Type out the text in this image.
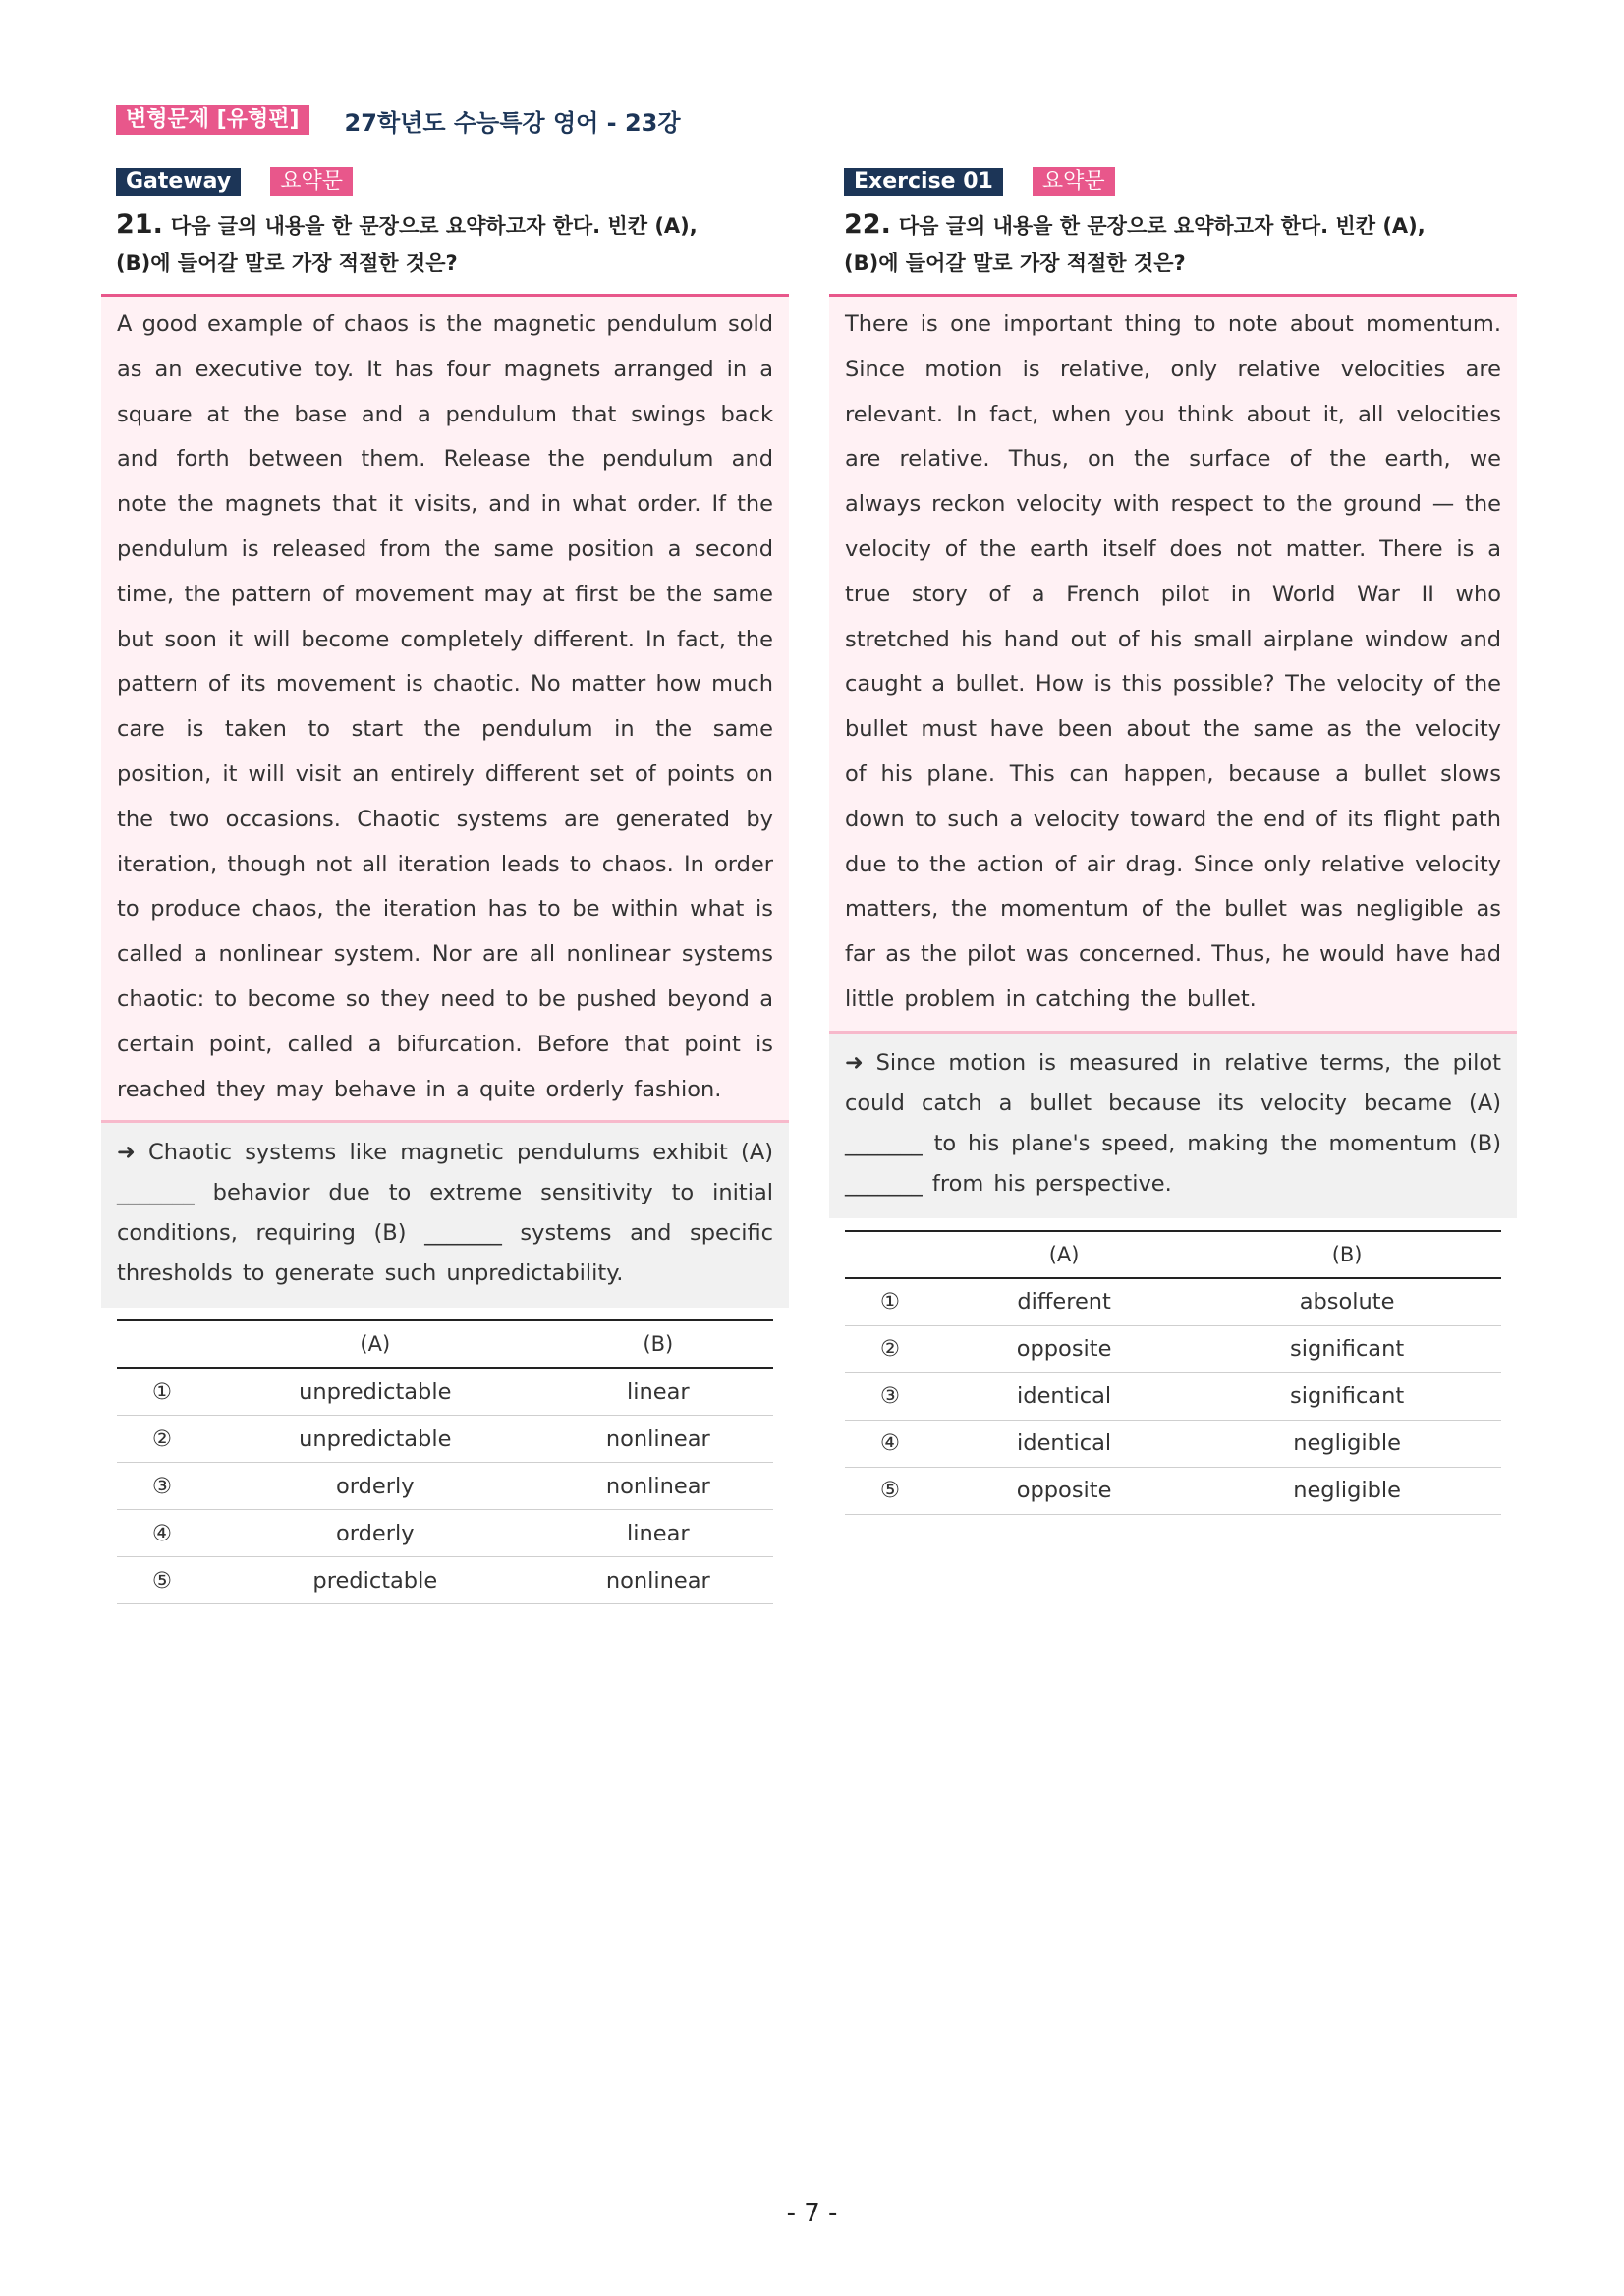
변형문제 [유형편]	27학년도 수능특강 영어 - 23강
Gateway	요약문
21. 다음 글의 내용을 한 문장으로 요약하고자 한다. 빈칸 (A),
(B)에 들어갈 말로 가장 적절한 것은?
A good example of chaos is the magnetic pendulum sold as an executive toy. It has four magnets arranged in a square at the base and a pendulum that swings back and forth between them. Release the pendulum and note the magnets that it visits, and in what order. If the pendulum is released from the same position a second time, the pattern of movement may at first be the same but soon it will become completely different. In fact, the pattern of its movement is chaotic. No matter how much care is taken to start the pendulum in the same position, it will visit an entirely different set of points on the two occasions. Chaotic systems are generated by iteration, though not all iteration leads to chaos. In order to produce chaos, the iteration has to be within what is called a nonlinear system. Nor are all nonlinear systems chaotic: to become so they need to be pushed beyond a certain point, called a bifurcation. Before that point is reached they may behave in a quite orderly fashion.
➜ Chaotic systems like magnetic pendulums exhibit (A) _______ behavior due to extreme sensitivity to initial conditions, requiring (B) _______ systems and specific thresholds to generate such unpredictability.
	(A)	(B)
①	unpredictable	linear
②	unpredictable	nonlinear
③	orderly	nonlinear
④	orderly	linear
⑤	predictable	nonlinear
Exercise 01	요약문
22. 다음 글의 내용을 한 문장으로 요약하고자 한다. 빈칸 (A),
(B)에 들어갈 말로 가장 적절한 것은?
There is one important thing to note about momentum. Since motion is relative, only relative velocities are relevant. In fact, when you think about it, all velocities are relative. Thus, on the surface of the earth, we always reckon velocity with respect to the ground — the velocity of the earth itself does not matter. There is a true story of a French pilot in World War II who stretched his hand out of his small airplane window and caught a bullet. How is this possible? The velocity of the bullet must have been about the same as the velocity of his plane. This can happen, because a bullet slows down to such a velocity toward the end of its flight path due to the action of air drag. Since only relative velocity matters, the momentum of the bullet was negligible as far as the pilot was concerned. Thus, he would have had little problem in catching the bullet.
➜ Since motion is measured in relative terms, the pilot could catch a bullet because its velocity became (A) _______ to his plane's speed, making the momentum (B) _______ from his perspective.
	(A)	(B)
①	different	absolute
②	opposite	significant
③	identical	significant
④	identical	negligible
⑤	opposite	negligible
- 7 -
